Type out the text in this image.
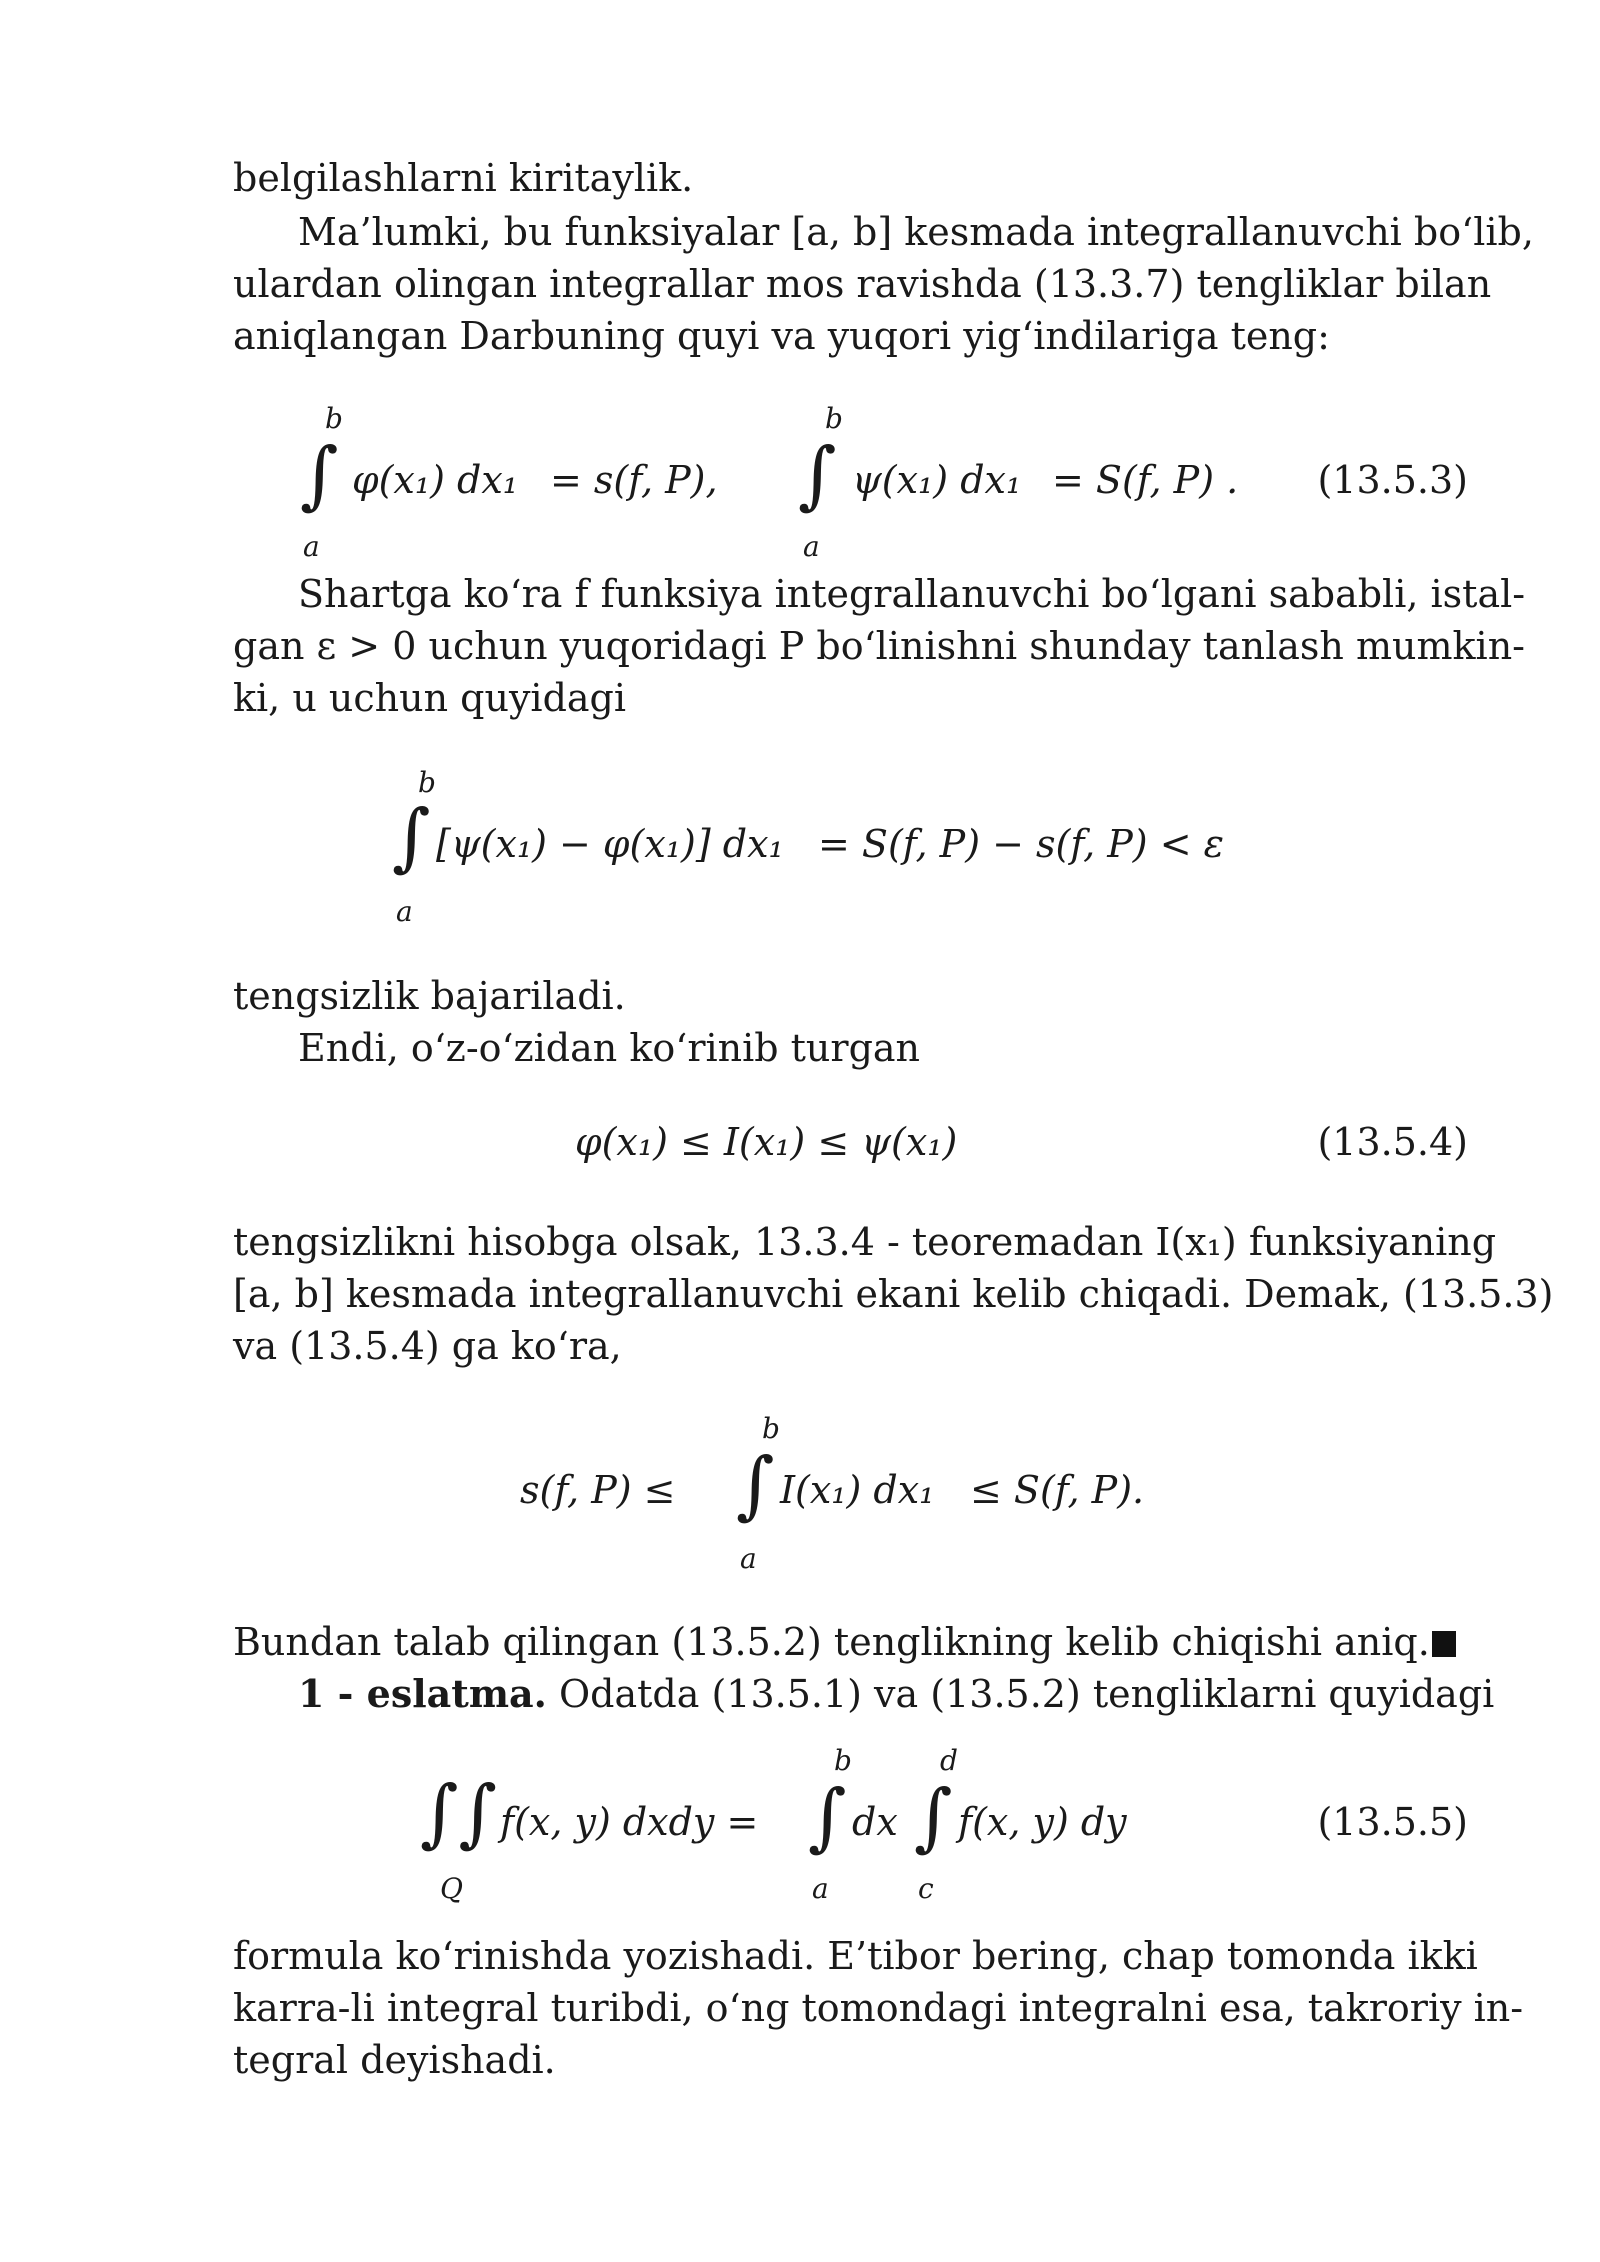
belgilashlarni kiritaylik.
Ma’lumki, bu funksiyalar [a, b] kesmada integrallanuvchi bo‘lib,
ulardan olingan integrallar mos ravishda (13.3.7) tengliklar bilan
aniqlangan Darbuning quyi va yuqori yig‘indilariga teng:
b
∫
a
φ(x₁) dx₁ = s(f, P),
b
∫
a
ψ(x₁) dx₁ = S(f, P) . (13.5.3)
Shartga ko‘ra f funksiya integrallanuvchi bo‘lgani sababli, istal-
gan ε > 0 uchun yuqoridagi P bo‘linishni shunday tanlash mumkin-
ki, u uchun quyidagi
b
∫
a
[ψ(x₁) − φ(x₁)] dx₁ = S(f, P) − s(f, P) < ε
tengsizlik bajariladi.
Endi, o‘z-o‘zidan ko‘rinib turgan
φ(x₁) ≤ I(x₁) ≤ ψ(x₁)	(13.5.4)
tengsizlikni hisobga olsak, 13.3.4 - teoremadan I(x₁) funksiyaning
[a, b] kesmada integrallanuvchi ekani kelib chiqadi. Demak, (13.5.3)
va (13.5.4) ga ko‘ra,
s(f, P) ≤
b
∫
a
I(x₁) dx₁ ≤ S(f, P).
Bundan talab qilingan (13.5.2) tenglikning kelib chiqishi aniq.
1 - eslatma. Odatda (13.5.1) va (13.5.2) tengliklarni quyidagi
∫∫
Q
f(x, y) dxdy =
b
∫
a
dx
d
∫
c
f(x, y) dy	(13.5.5)
formula ko‘rinishda yozishadi. E’tibor bering, chap tomonda ikki
karra-li integral turibdi, o‘ng tomondagi integralni esa, takroriy in-
tegral deyishadi.
